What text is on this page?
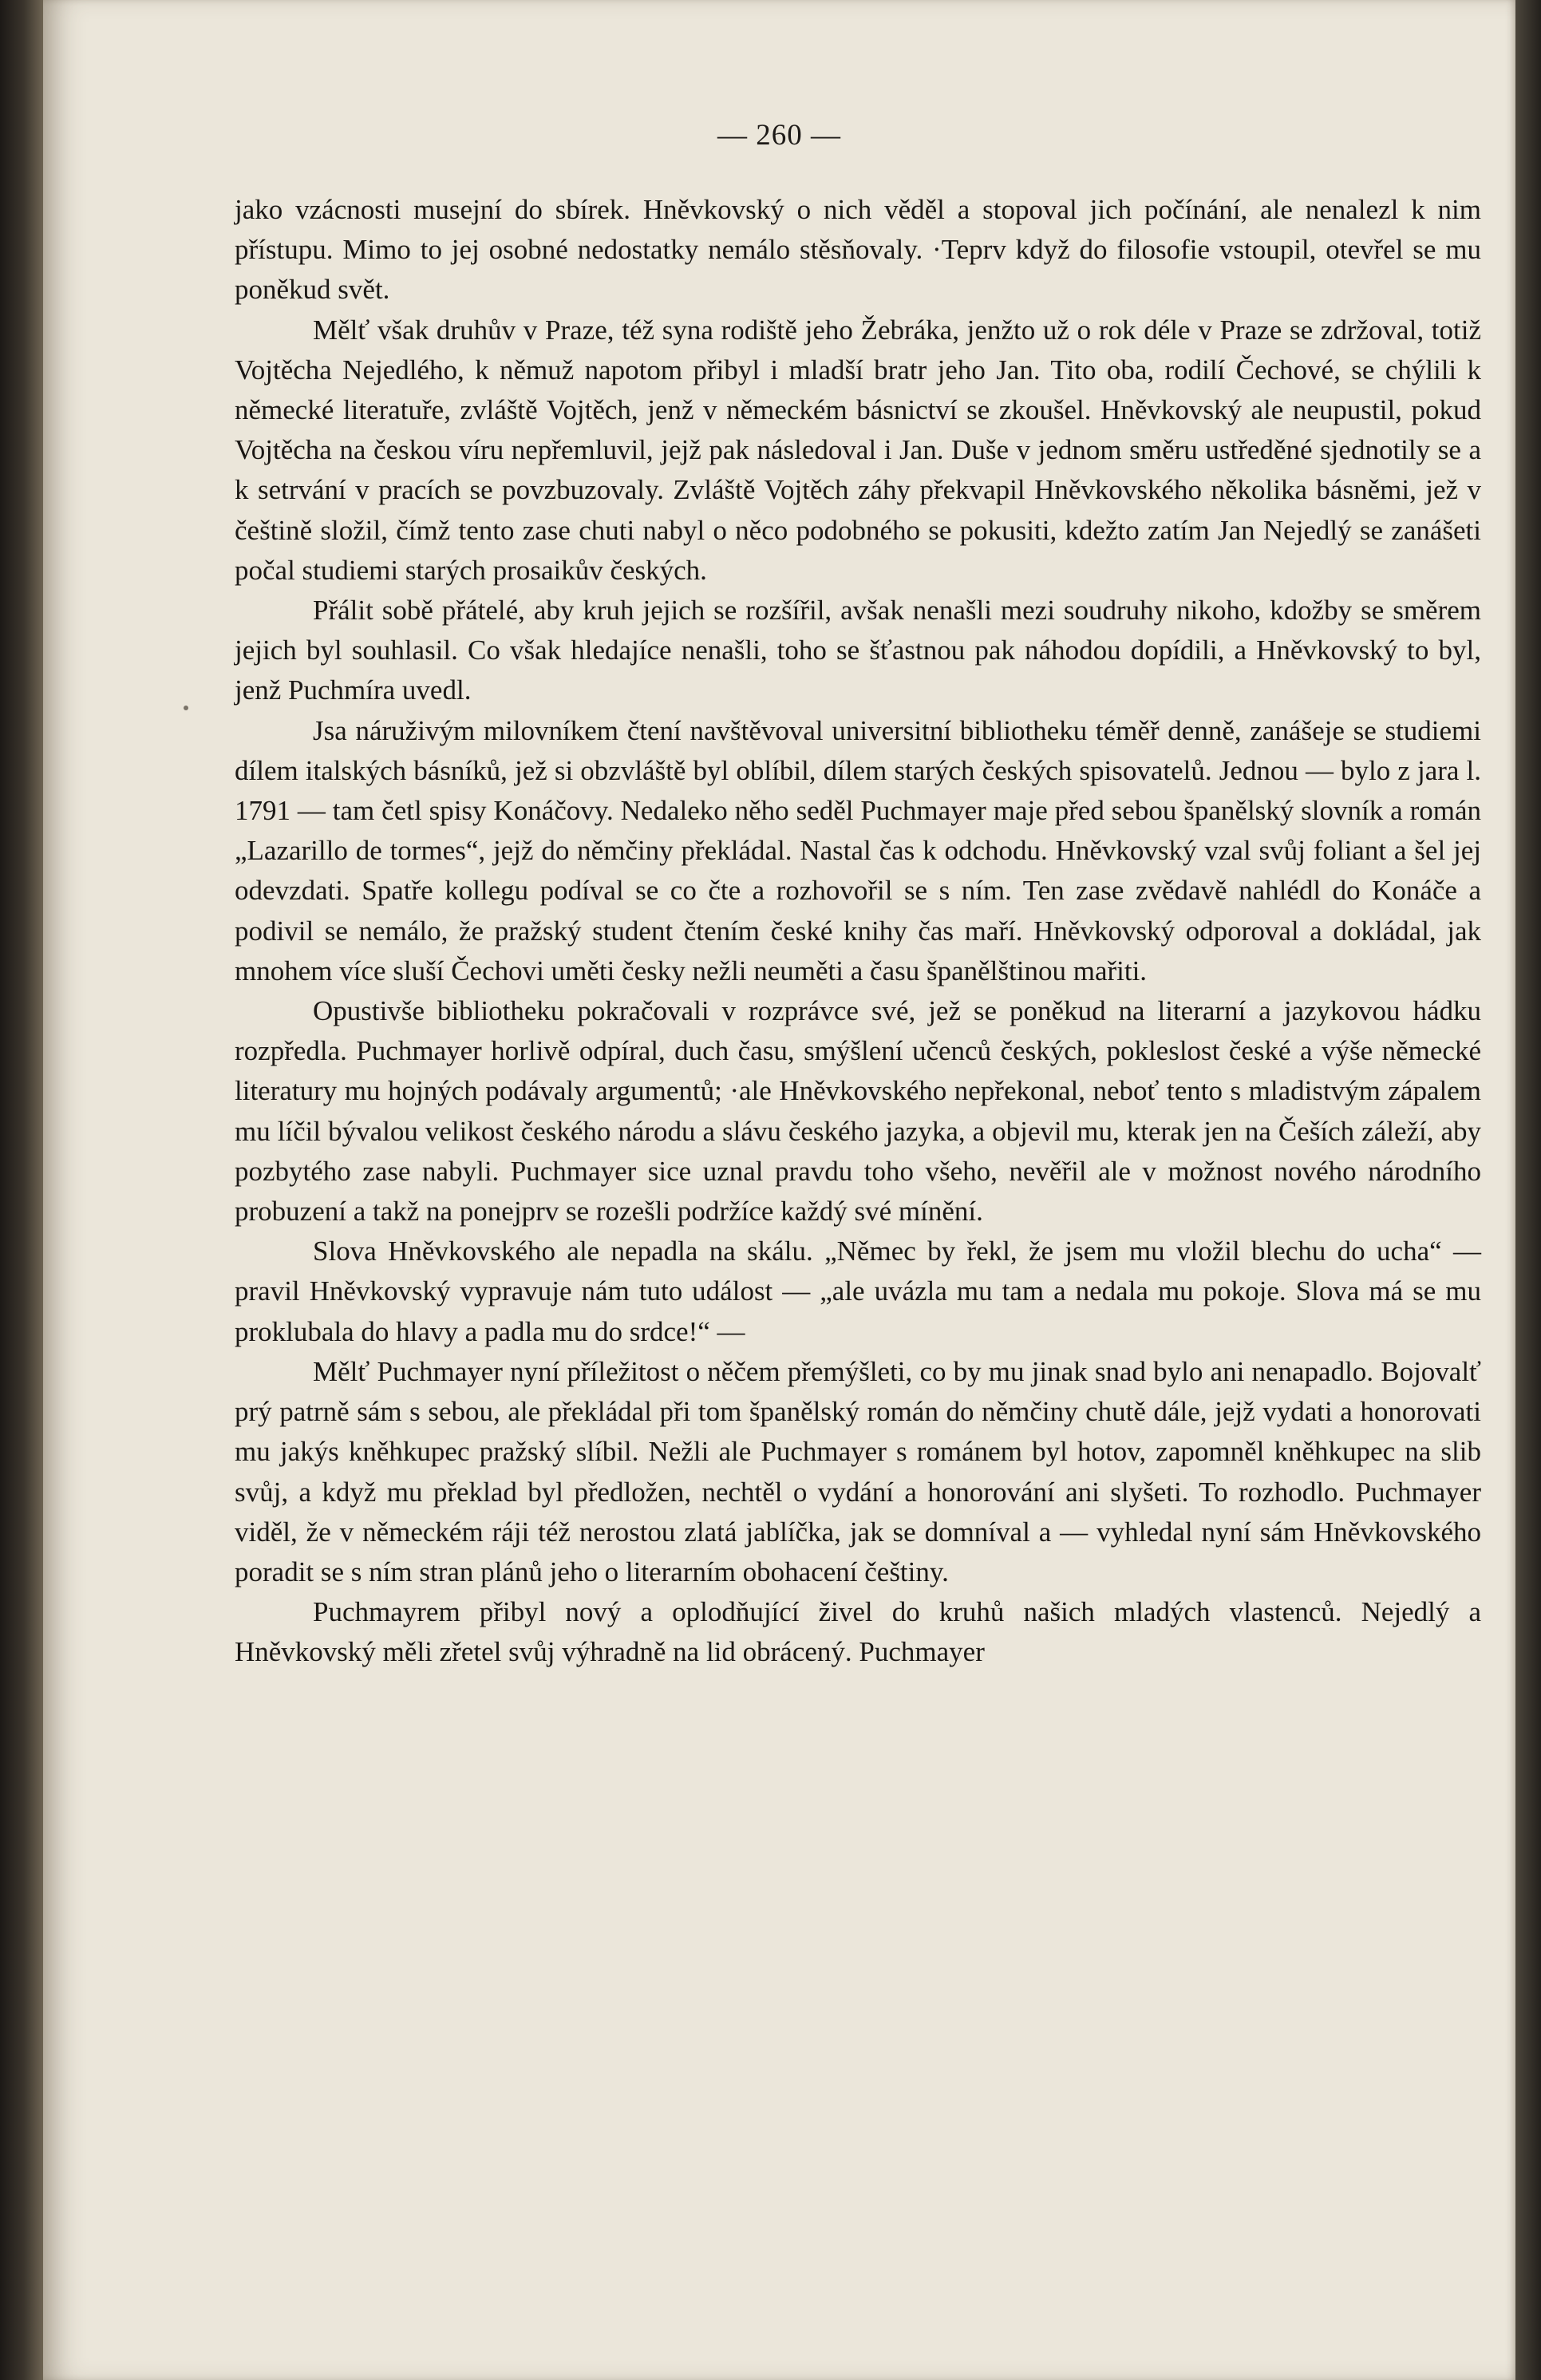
— 260 —

jako vzácnosti musejní do sbírek. Hněvkovský o nich věděl a stopoval jich počínání, ale nenalezl k nim přístupu. Mimo to jej osobné nedostatky nemálo stěsňovaly. ·Teprv když do filosofie vstoupil, otevřel se mu poněkud svět.

Mělť však druhův v Praze, též syna rodiště jeho Žebráka, jenžto už o rok déle v Praze se zdržoval, totiž Vojtěcha Nejedlého, k němuž napotom přibyl i mladší bratr jeho Jan. Tito oba, rodilí Čechové, se chýlili k německé literatuře, zvláště Vojtěch, jenž v německém básnictví se zkoušel. Hněvkovský ale neupustil, pokud Vojtěcha na českou víru nepřemluvil, jejž pak následoval i Jan. Duše v jednom směru ustředěné sjednotily se a k setrvání v pracích se povzbuzovaly. Zvláště Vojtěch záhy překvapil Hněvkovského několika básněmi, jež v češtině složil, čímž tento zase chuti nabyl o něco podobného se pokusiti, kdežto zatím Jan Nejedlý se zanášeti počal studiemi starých prosaikův českých.

Přálit sobě přátelé, aby kruh jejich se rozšířil, avšak nenašli mezi soudruhy nikoho, kdožby se směrem jejich byl souhlasil. Co však hledajíce nenašli, toho se šťastnou pak náhodou dopídili, a Hněvkovský to byl, jenž Puchmíra uvedl.

Jsa náruživým milovníkem čtení navštěvoval universitní bibliotheku téměř denně, zanášeje se studiemi dílem italských básníků, jež si obzvláště byl oblíbil, dílem starých českých spisovatelů. Jednou — bylo z jara l. 1791 — tam četl spisy Konáčovy. Nedaleko něho seděl Puchmayer maje před sebou španělský slovník a román „Lazarillo de tormes“, jejž do němčiny překládal. Nastal čas k odchodu. Hněvkovský vzal svůj foliant a šel jej odevzdati. Spatře kollegu podíval se co čte a rozhovořil se s ním. Ten zase zvědavě nahlédl do Konáče a podivil se nemálo, že pražský student čtením české knihy čas maří. Hněvkovský odporoval a dokládal, jak mnohem více sluší Čechovi uměti česky nežli neuměti a času španělštinou mařiti.

Opustivše bibliotheku pokračovali v rozprávce své, jež se poněkud na literarní a jazykovou hádku rozpředla. Puchmayer horlivě odpíral, duch času, smýšlení učenců českých, pokleslost české a výše německé literatury mu hojných podávaly argumentů; ·ale Hněvkovského nepřekonal, neboť tento s mladistvým zápalem mu líčil bývalou velikost českého národu a slávu českého jazyka, a objevil mu, kterak jen na Češích záleží, aby pozbytého zase nabyli. Puchmayer sice uznal pravdu toho všeho, nevěřil ale v možnost nového národního probuzení a takž na ponejprv se rozešli podržíce každý své mínění.

Slova Hněvkovského ale nepadla na skálu. „Němec by řekl, že jsem mu vložil blechu do ucha“ — pravil Hněvkovský vypravuje nám tuto událost — „ale uvázla mu tam a nedala mu pokoje. Slova má se mu proklubala do hlavy a padla mu do srdce!“ —

Mělť Puchmayer nyní příležitost o něčem přemýšleti, co by mu jinak snad bylo ani nenapadlo. Bojovalť prý patrně sám s sebou, ale překládal při tom španělský román do němčiny chutě dále, jejž vydati a honorovati mu jakýs kněhkupec pražský slíbil. Nežli ale Puchmayer s románem byl hotov, zapomněl kněhkupec na slib svůj, a když mu překlad byl předložen, nechtěl o vydání a honorování ani slyšeti. To rozhodlo. Puchmayer viděl, že v německém ráji též nerostou zlatá jablíčka, jak se domníval a — vyhledal nyní sám Hněvkovského poradit se s ním stran plánů jeho o literarním obohacení češtiny.

Puchmayrem přibyl nový a oplodňující živel do kruhů našich mladých vlastenců. Nejedlý a Hněvkovský měli zřetel svůj výhradně na lid obrácený. Puchmayer
